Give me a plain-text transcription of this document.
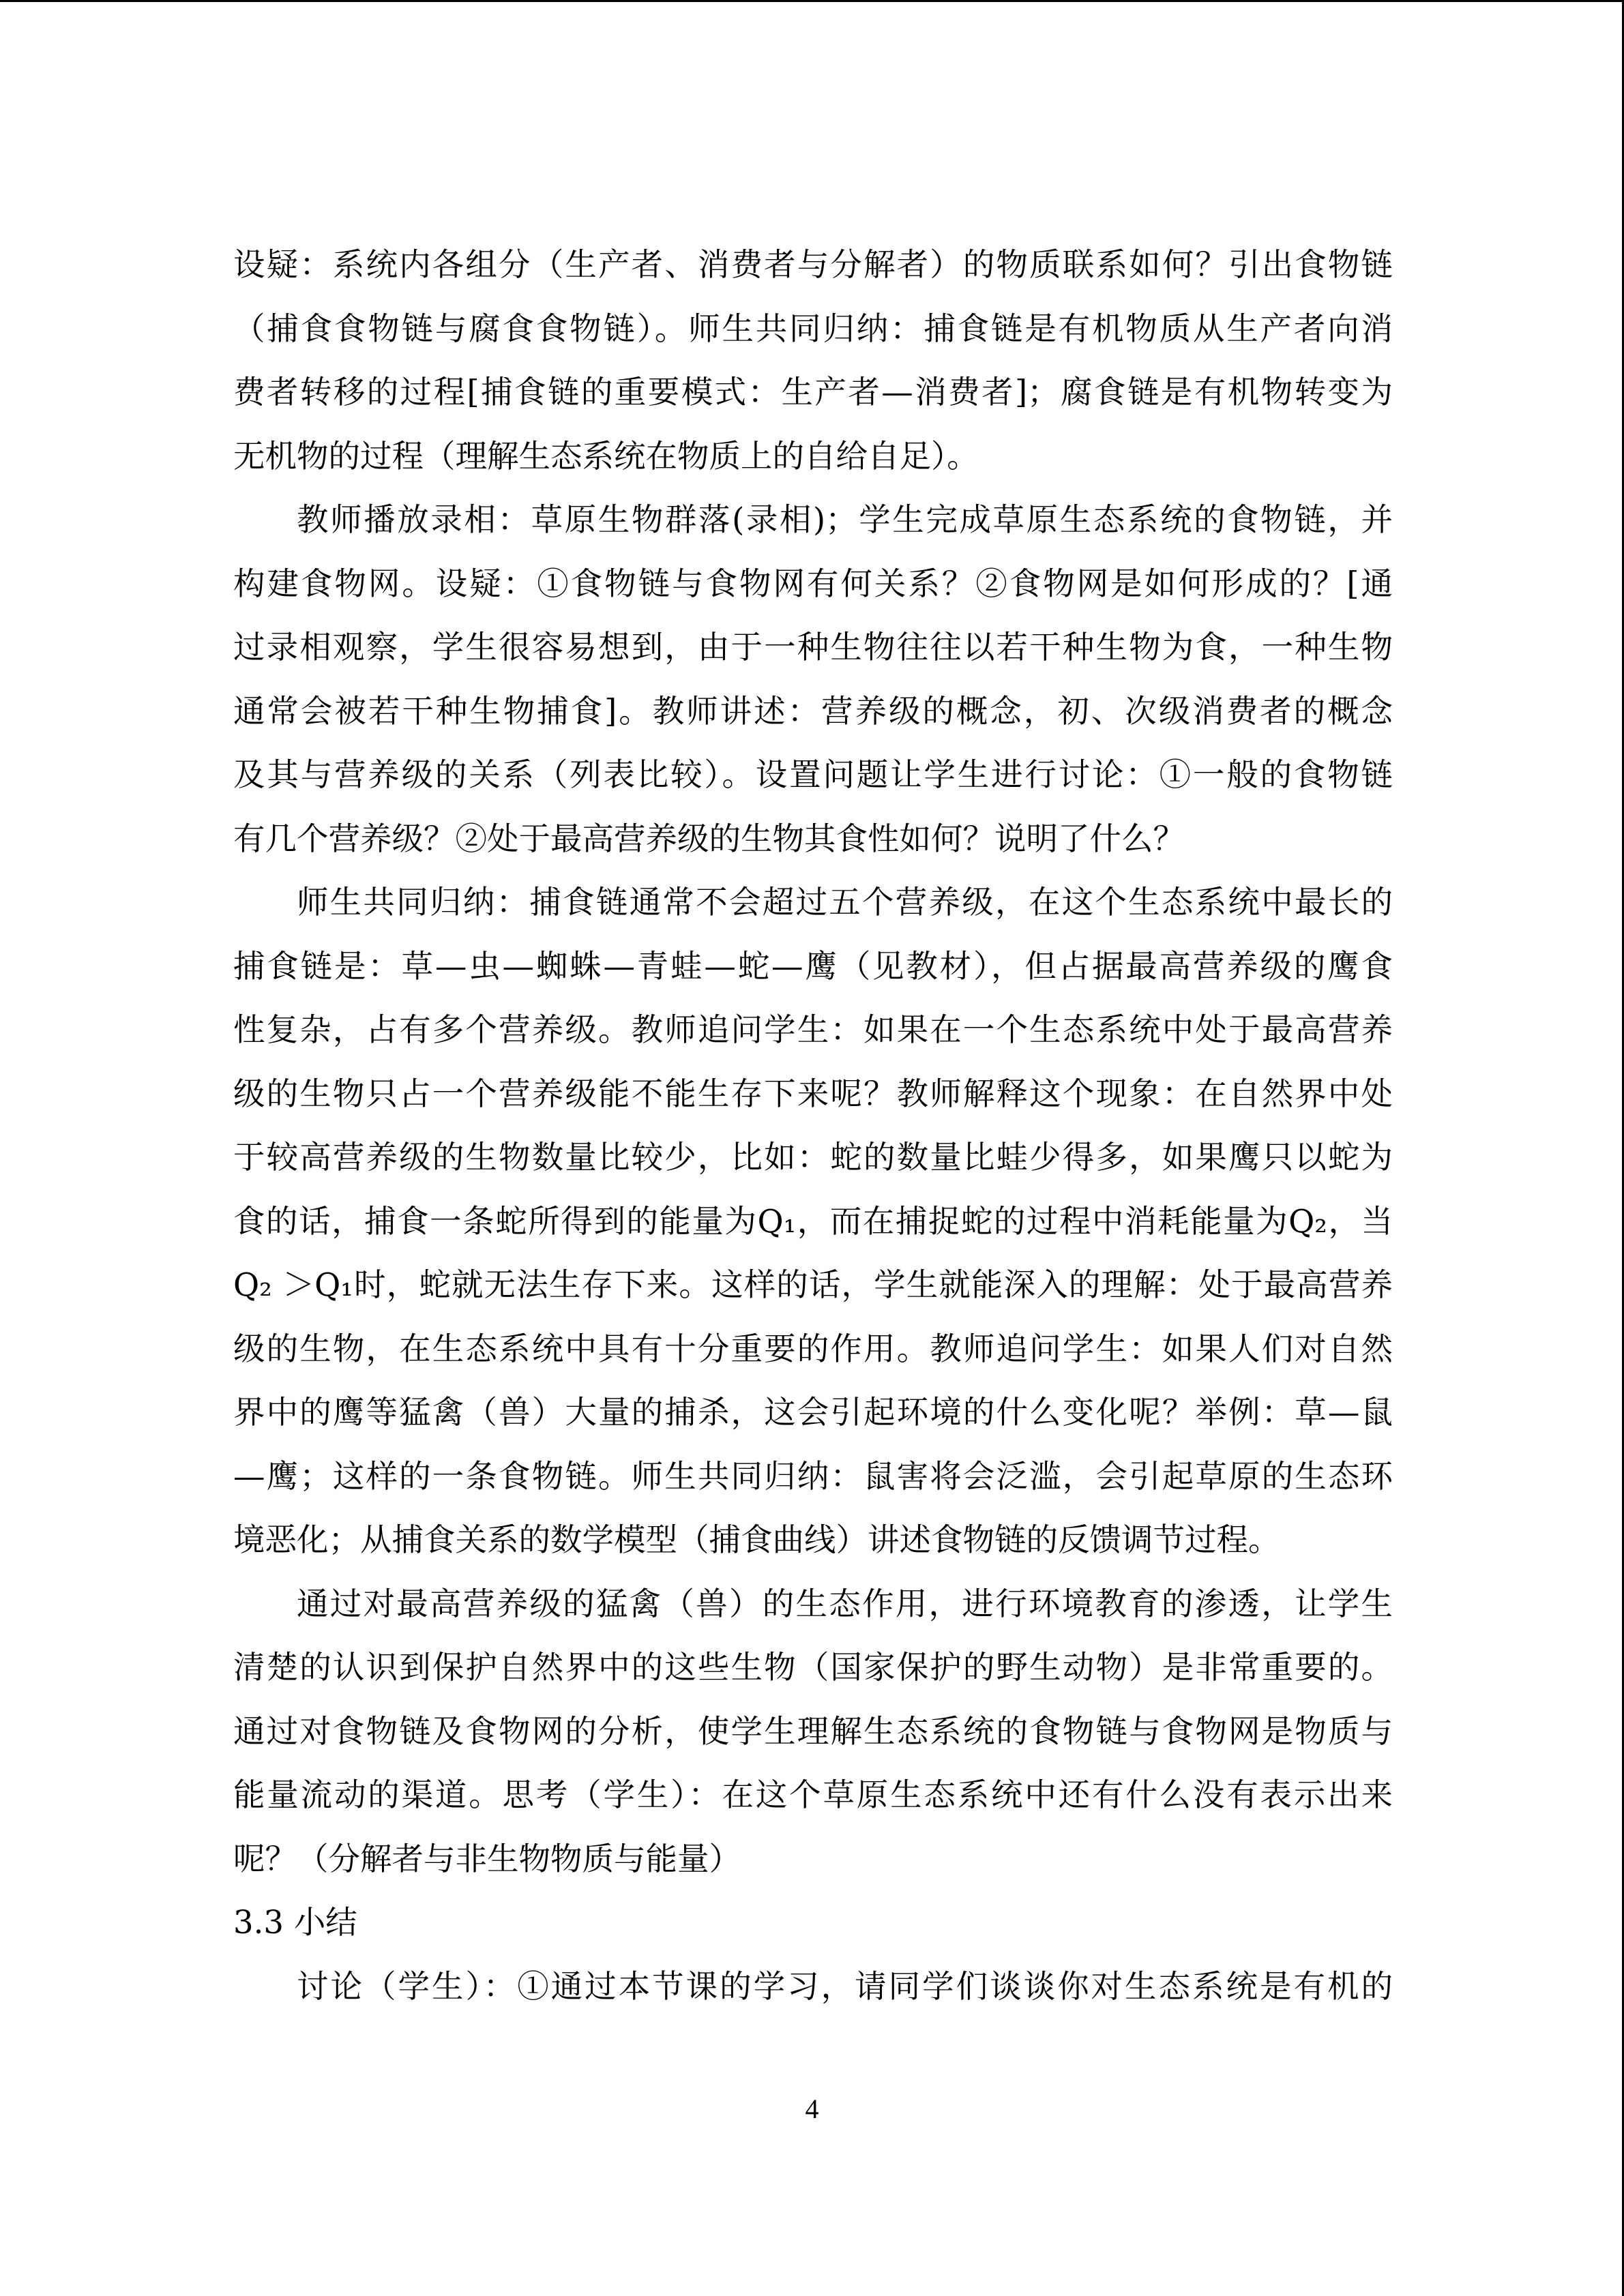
设疑：系统内各组分（生产者、消费者与分解者）的物质联系如何？引出食物链
（捕食食物链与腐食食物链）。师生共同归纳：捕食链是有机物质从生产者向消
费者转移的过程[捕食链的重要模式：生产者—消费者]；腐食链是有机物转变为
无机物的过程（理解生态系统在物质上的自给自足）。
教师播放录相：草原生物群落(录相)；学生完成草原生态系统的食物链，并
构建食物网。设疑：①食物链与食物网有何关系？②食物网是如何形成的？[通
过录相观察，学生很容易想到，由于一种生物往往以若干种生物为食，一种生物
通常会被若干种生物捕食]。教师讲述：营养级的概念，初、次级消费者的概念
及其与营养级的关系（列表比较）。设置问题让学生进行讨论：①一般的食物链
有几个营养级？②处于最高营养级的生物其食性如何？说明了什么？
师生共同归纳：捕食链通常不会超过五个营养级，在这个生态系统中最长的
捕食链是：草—虫—蜘蛛—青蛙—蛇—鹰（见教材），但占据最高营养级的鹰食
性复杂，占有多个营养级。教师追问学生：如果在一个生态系统中处于最高营养
级的生物只占一个营养级能不能生存下来呢？教师解释这个现象：在自然界中处
于较高营养级的生物数量比较少，比如：蛇的数量比蛙少得多，如果鹰只以蛇为
食的话，捕食一条蛇所得到的能量为Q₁，而在捕捉蛇的过程中消耗能量为Q₂，当
Q₂ ＞Q₁时，蛇就无法生存下来。这样的话，学生就能深入的理解：处于最高营养
级的生物，在生态系统中具有十分重要的作用。教师追问学生：如果人们对自然
界中的鹰等猛禽（兽）大量的捕杀，这会引起环境的什么变化呢？举例：草—鼠
—鹰；这样的一条食物链。师生共同归纳：鼠害将会泛滥，会引起草原的生态环
境恶化；从捕食关系的数学模型（捕食曲线）讲述食物链的反馈调节过程。
通过对最高营养级的猛禽（兽）的生态作用，进行环境教育的渗透，让学生
清楚的认识到保护自然界中的这些生物（国家保护的野生动物）是非常重要的。
通过对食物链及食物网的分析，使学生理解生态系统的食物链与食物网是物质与
能量流动的渠道。思考（学生）：在这个草原生态系统中还有什么没有表示出来
呢？（分解者与非生物物质与能量）
3.3 小结
讨论（学生）：①通过本节课的学习，请同学们谈谈你对生态系统是有机的
4
